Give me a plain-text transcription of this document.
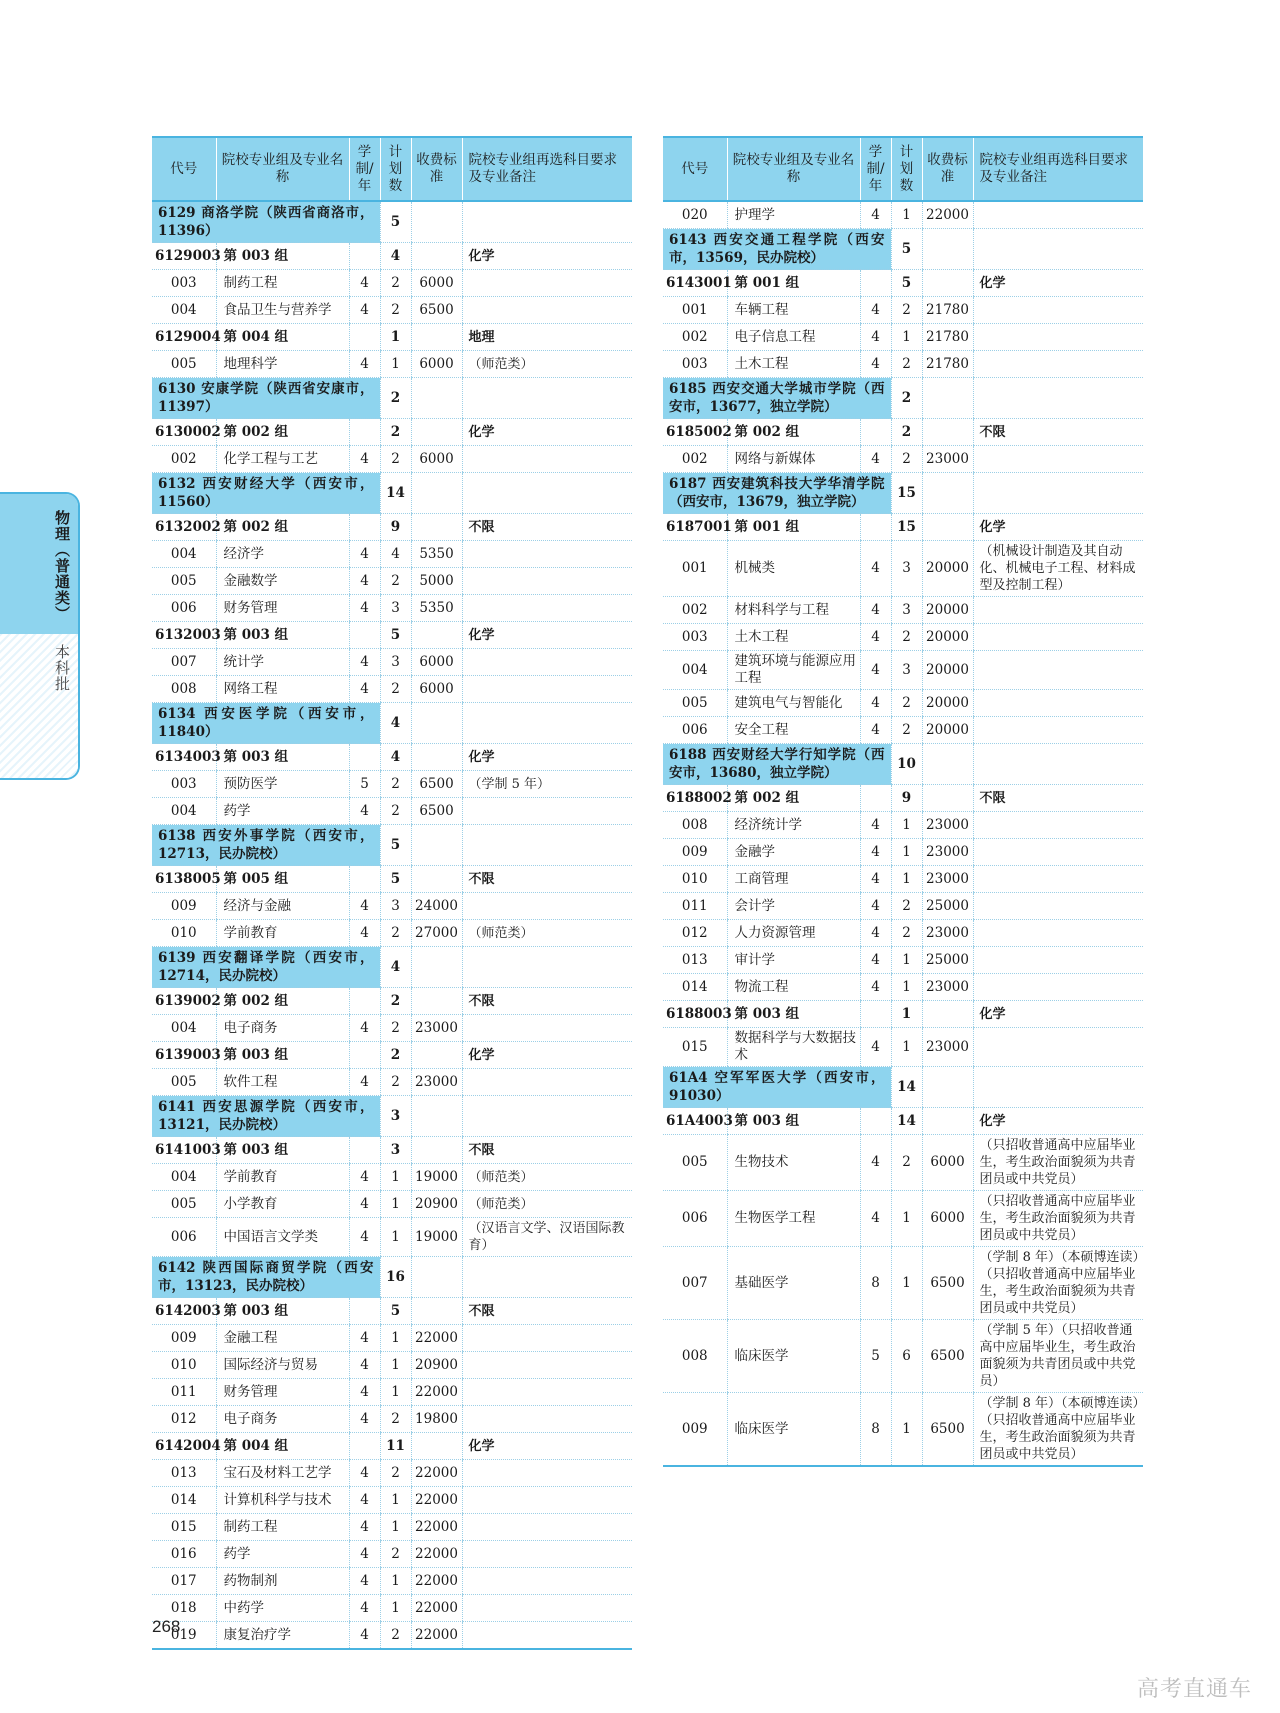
物理（普通类）
本科批
代号	院校专业组及专业名称	学制/年	计划数	收费标准	院校专业组再选科目要求及专业备注
6129 商洛学院（陕西省商洛市，11396）			5		
6129003	第 003 组		4		化学
003	制药工程	4	2	6000	
004	食品卫生与营养学	4	2	6500	
6129004	第 004 组		1		地理
005	地理科学	4	1	6000	（师范类）
6130 安康学院（陕西省安康市，11397）			2		
6130002	第 002 组		2		化学
002	化学工程与工艺	4	2	6000	
6132 西安财经大学（西安市，11560）			14		
6132002	第 002 组		9		不限
004	经济学	4	4	5350	
005	金融数学	4	2	5000	
006	财务管理	4	3	5350	
6132003	第 003 组		5		化学
007	统计学	4	3	6000	
008	网络工程	4	2	6000	
6134 西安医学院（西安市，11840）			4		
6134003	第 003 组		4		化学
003	预防医学	5	2	6500	（学制 5 年）
004	药学	4	2	6500	
6138 西安外事学院（西安市，12713，民办院校）			5		
6138005	第 005 组		5		不限
009	经济与金融	4	3	24000	
010	学前教育	4	2	27000	（师范类）
6139 西安翻译学院（西安市，12714，民办院校）			4		
6139002	第 002 组		2		不限
004	电子商务	4	2	23000	
6139003	第 003 组		2		化学
005	软件工程	4	2	23000	
6141 西安思源学院（西安市，13121，民办院校）			3		
6141003	第 003 组		3		不限
004	学前教育	4	1	19000	（师范类）
005	小学教育	4	1	20900	（师范类）
006	中国语言文学类	4	1	19000	（汉语言文学、汉语国际教育）
6142 陕西国际商贸学院（西安市，13123，民办院校）			16		
6142003	第 003 组		5		不限
009	金融工程	4	1	22000	
010	国际经济与贸易	4	1	20900	
011	财务管理	4	1	22000	
012	电子商务	4	2	19800	
6142004	第 004 组		11		化学
013	宝石及材料工艺学	4	2	22000	
014	计算机科学与技术	4	1	22000	
015	制药工程	4	1	22000	
016	药学	4	2	22000	
017	药物制剂	4	1	22000	
018	中药学	4	1	22000	
019	康复治疗学	4	2	22000	
代号	院校专业组及专业名称	学制/年	计划数	收费标准	院校专业组再选科目要求及专业备注
020	护理学	4	1	22000	
6143 西安交通工程学院（西安市，13569，民办院校）			5		
6143001	第 001 组		5		化学
001	车辆工程	4	2	21780	
002	电子信息工程	4	1	21780	
003	土木工程	4	2	21780	
6185 西安交通大学城市学院（西安市，13677，独立学院）			2		
6185002	第 002 组		2		不限
002	网络与新媒体	4	2	23000	
6187 西安建筑科技大学华清学院（西安市，13679，独立学院）			15		
6187001	第 001 组		15		化学
001	机械类	4	3	20000	（机械设计制造及其自动化、机械电子工程、材料成型及控制工程）
002	材料科学与工程	4	3	20000	
003	土木工程	4	2	20000	
004	建筑环境与能源应用工程	4	3	20000	
005	建筑电气与智能化	4	2	20000	
006	安全工程	4	2	20000	
6188 西安财经大学行知学院（西安市，13680，独立学院）			10		
6188002	第 002 组		9		不限
008	经济统计学	4	1	23000	
009	金融学	4	1	23000	
010	工商管理	4	1	23000	
011	会计学	4	2	25000	
012	人力资源管理	4	2	23000	
013	审计学	4	1	25000	
014	物流工程	4	1	23000	
6188003	第 003 组		1		化学
015	数据科学与大数据技术	4	1	23000	
61A4 空军军医大学（西安市，91030）			14		
61A4003	第 003 组		14		化学
005	生物技术	4	2	6000	（只招收普通高中应届毕业生，考生政治面貌须为共青团员或中共党员）
006	生物医学工程	4	1	6000	（只招收普通高中应届毕业生，考生政治面貌须为共青团员或中共党员）
007	基础医学	8	1	6500	（学制 8 年）（本硕博连读）（只招收普通高中应届毕业生，考生政治面貌须为共青团员或中共党员）
008	临床医学	5	6	6500	（学制 5 年）（只招收普通高中应届毕业生，考生政治面貌须为共青团员或中共党员）
009	临床医学	8	1	6500	（学制 8 年）（本硕博连读）（只招收普通高中应届毕业生，考生政治面貌须为共青团员或中共党员）
268
高考直通车
